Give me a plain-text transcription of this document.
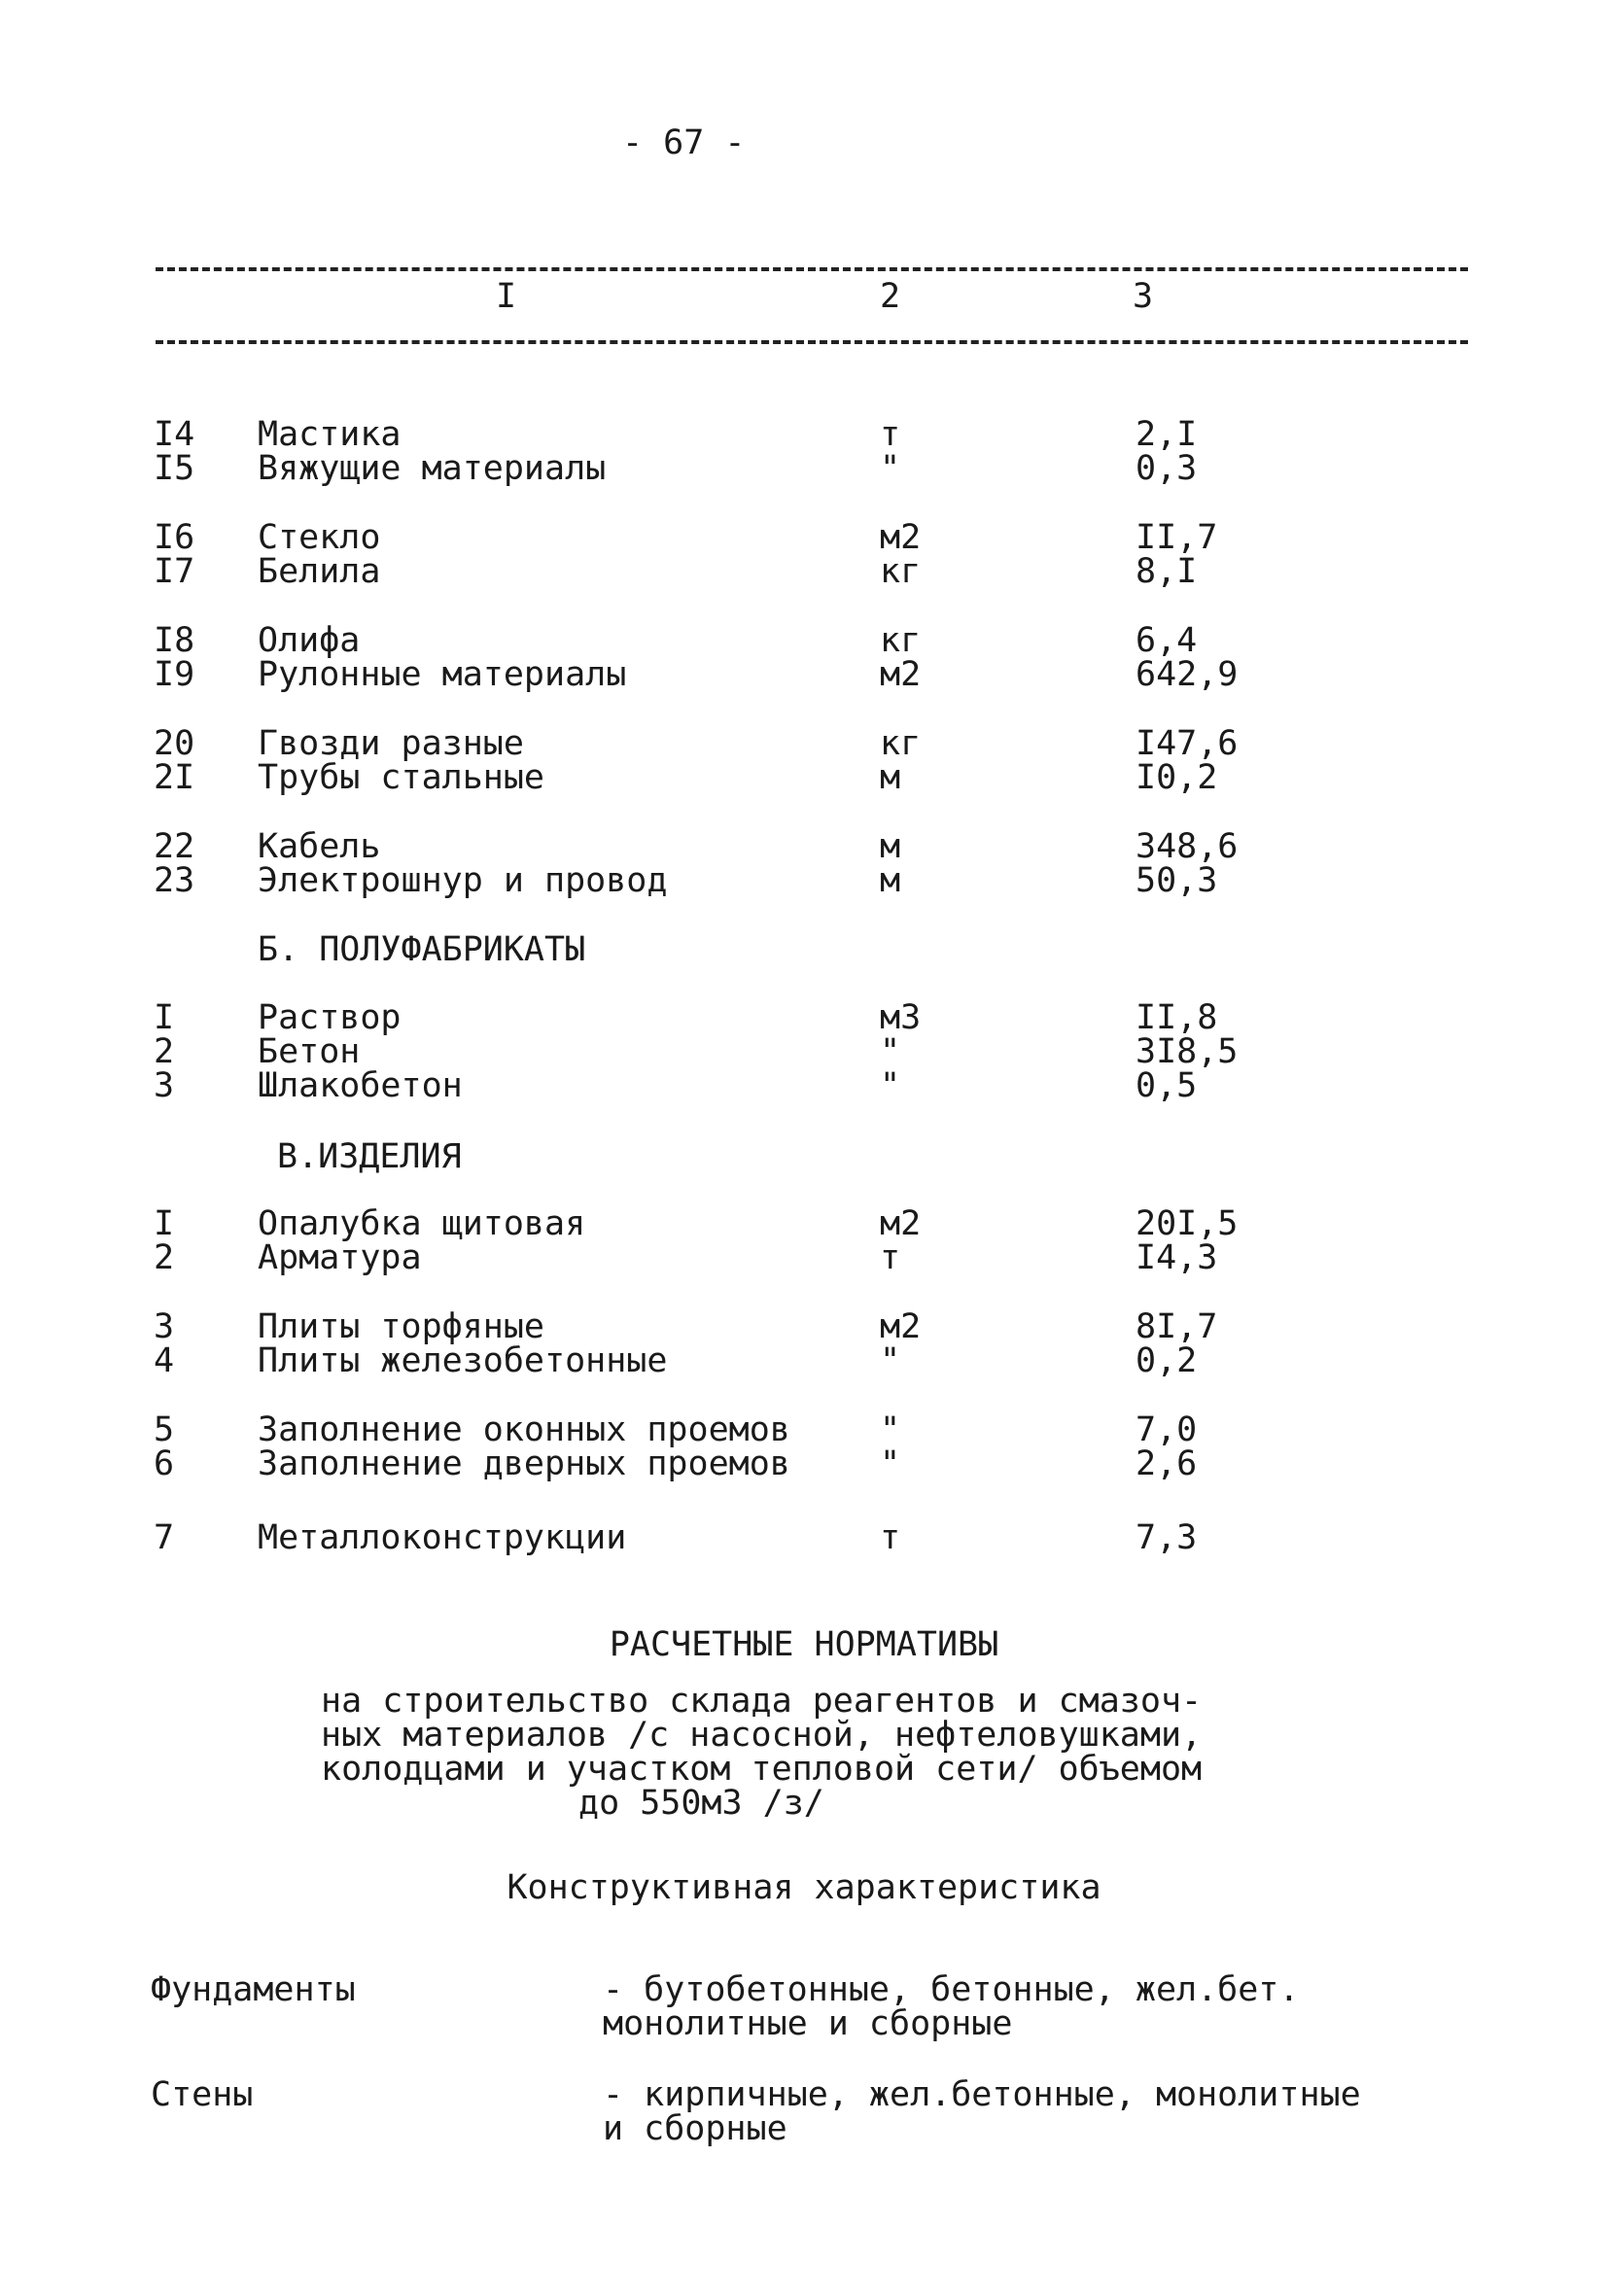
- 67 -
I	2	3
I4 Мастика	т	2,I
I5 Вяжущие материалы	"	0,3
I6 Стекло	м2	II,7
I7 Белила	кг	8,I
I8 Олифа	кг	6,4
I9 Рулонные материалы	м2	642,9
20 Гвозди разные	кг	I47,6
2I Трубы стальные	м	I0,2
22 Кабель	м	348,6
23 Электрошнур и провод	м	50,3
Б. ПОЛУФАБРИКАТЫ
I Раствор	м3	II,8
2 Бетон	"	3I8,5
3 Шлакобетон	"	0,5
В.ИЗДЕЛИЯ
I Опалубка щитовая	м2	20I,5
2 Арматура	т	I4,3
3 Плиты торфяные	м2	8I,7
4 Плиты железобетонные	"	0,2
5 Заполнение оконных проемов	"	7,0
6 Заполнение дверных проемов	"	2,6
7 Металлоконструкции	т	7,3
РАСЧЕТНЫЕ НОРМАТИВЫ
на строительство склада реагентов и смазоч-
ных материалов /с насосной, нефтеловушками,
колодцами и участком тепловой сети/ объемом
до 550м3 /з/
Конструктивная характеристика
Фундаменты	- бутобетонные, бетонные, жел.бет.
монолитные и сборные
Стены	- кирпичные, жел.бетонные, монолитные
и сборные
